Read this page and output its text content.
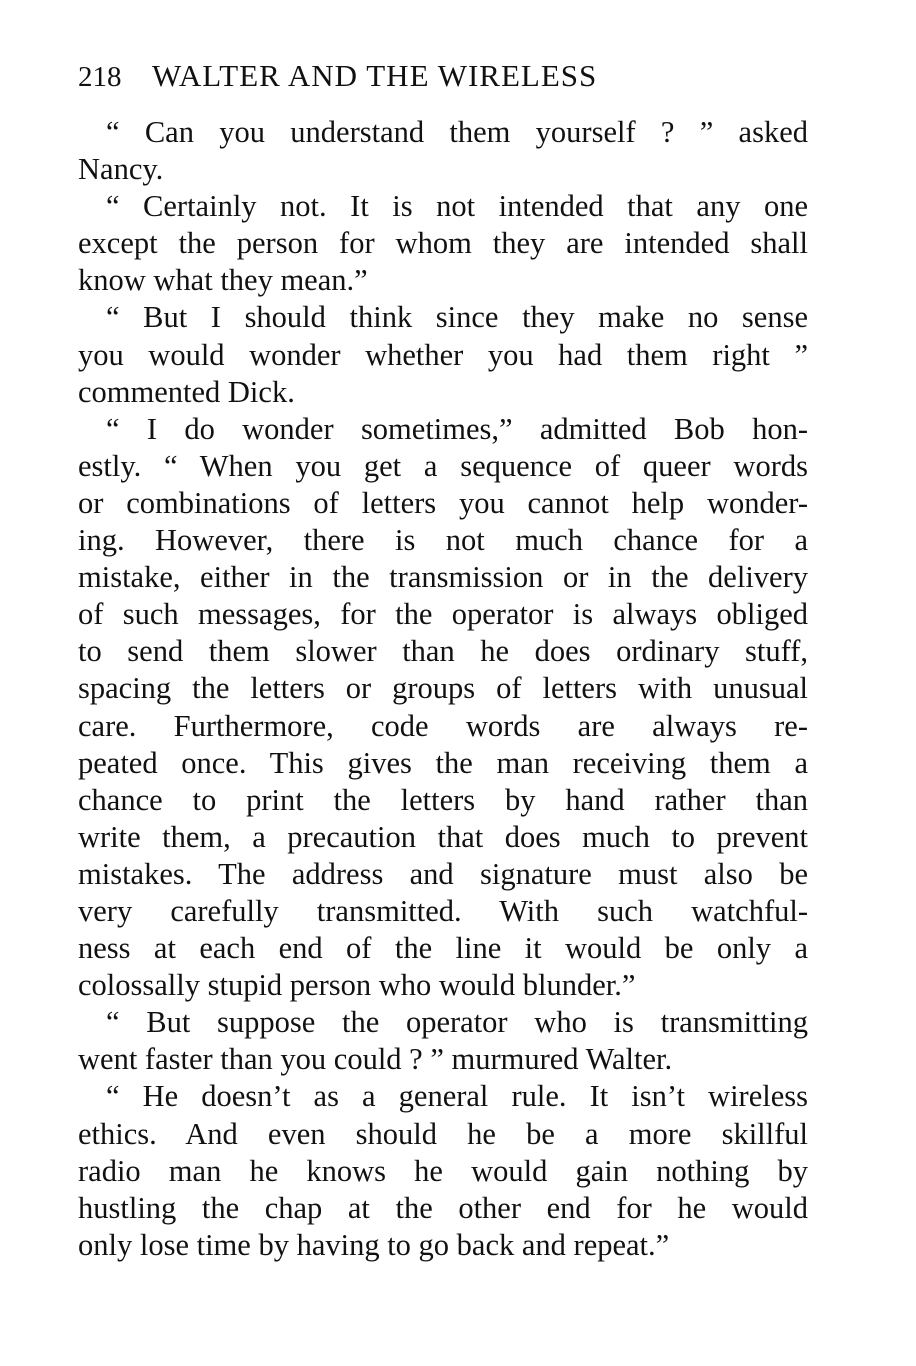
218 WALTER AND THE WIRELESS
“ Can you understand them yourself ? ” asked
Nancy.
“ Certainly not. It is not intended that any one
except the person for whom they are intended shall
know what they mean.”
“ But I should think since they make no sense
you would wonder whether you had them right ”
commented Dick.
“ I do wonder sometimes,” admitted Bob hon-
estly. “ When you get a sequence of queer words
or combinations of letters you cannot help wonder-
ing. However, there is not much chance for a
mistake, either in the transmission or in the delivery
of such messages, for the operator is always obliged
to send them slower than he does ordinary stuff,
spacing the letters or groups of letters with unusual
care. Furthermore, code words are always re-
peated once. This gives the man receiving them a
chance to print the letters by hand rather than
write them, a precaution that does much to prevent
mistakes. The address and signature must also be
very carefully transmitted. With such watchful-
ness at each end of the line it would be only a
colossally stupid person who would blunder.”
“ But suppose the operator who is transmitting
went faster than you could ? ” murmured Walter.
“ He doesn’t as a general rule. It isn’t wireless
ethics. And even should he be a more skillful
radio man he knows he would gain nothing by
hustling the chap at the other end for he would
only lose time by having to go back and repeat.”
